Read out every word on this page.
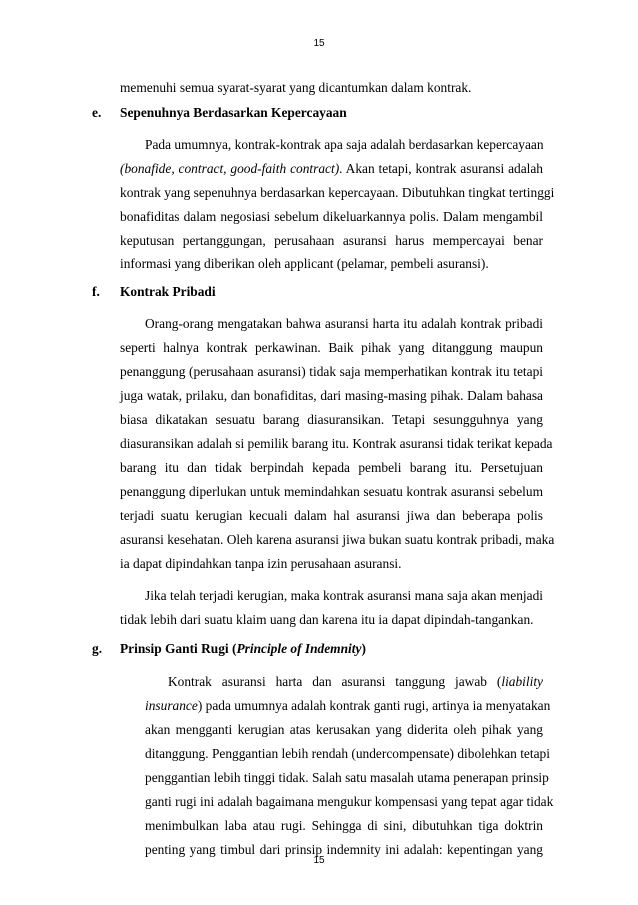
15
memenuhi semua syarat-syarat yang dicantumkan dalam kontrak.
e. Sepenuhnya Berdasarkan Kepercayaan
Pada umumnya, kontrak-kontrak apa saja adalah berdasarkan kepercayaan
(bonafide, contract, good-faith contract). Akan tetapi, kontrak asuransi adalah
kontrak yang sepenuhnya berdasarkan kepercayaan. Dibutuhkan tingkat tertinggi
bonafiditas dalam negosiasi sebelum dikeluarkannya polis. Dalam mengambil
keputusan pertanggungan, perusahaan asuransi harus mempercayai benar
informasi yang diberikan oleh applicant (pelamar, pembeli asuransi).
f. Kontrak Pribadi
Orang-orang mengatakan bahwa asuransi harta itu adalah kontrak pribadi
seperti halnya kontrak perkawinan. Baik pihak yang ditanggung maupun
penanggung (perusahaan asuransi) tidak saja memperhatikan kontrak itu tetapi
juga watak, prilaku, dan bonafiditas, dari masing-masing pihak. Dalam bahasa
biasa dikatakan sesuatu barang diasuransikan. Tetapi sesungguhnya yang
diasuransikan adalah si pemilik barang itu. Kontrak asuransi tidak terikat kepada
barang itu dan tidak berpindah kepada pembeli barang itu. Persetujuan
penanggung diperlukan untuk memindahkan sesuatu kontrak asuransi sebelum
terjadi suatu kerugian kecuali dalam hal asuransi jiwa dan beberapa polis
asuransi kesehatan. Oleh karena asuransi jiwa bukan suatu kontrak pribadi, maka
ia dapat dipindahkan tanpa izin perusahaan asuransi.
Jika telah terjadi kerugian, maka kontrak asuransi mana saja akan menjadi
tidak lebih dari suatu klaim uang dan karena itu ia dapat dipindah-tangankan.
g. Prinsip Ganti Rugi (Principle of Indemnity)
Kontrak asuransi harta dan asuransi tanggung jawab (liability
insurance) pada umumnya adalah kontrak ganti rugi, artinya ia menyatakan
akan mengganti kerugian atas kerusakan yang diderita oleh pihak yang
ditanggung. Penggantian lebih rendah (undercompensate) dibolehkan tetapi
penggantian lebih tinggi tidak. Salah satu masalah utama penerapan prinsip
ganti rugi ini adalah bagaimana mengukur kompensasi yang tepat agar tidak
menimbulkan laba atau rugi. Sehingga di sini, dibutuhkan tiga doktrin
penting yang timbul dari prinsip indemnity ini adalah: kepentingan yang
15
